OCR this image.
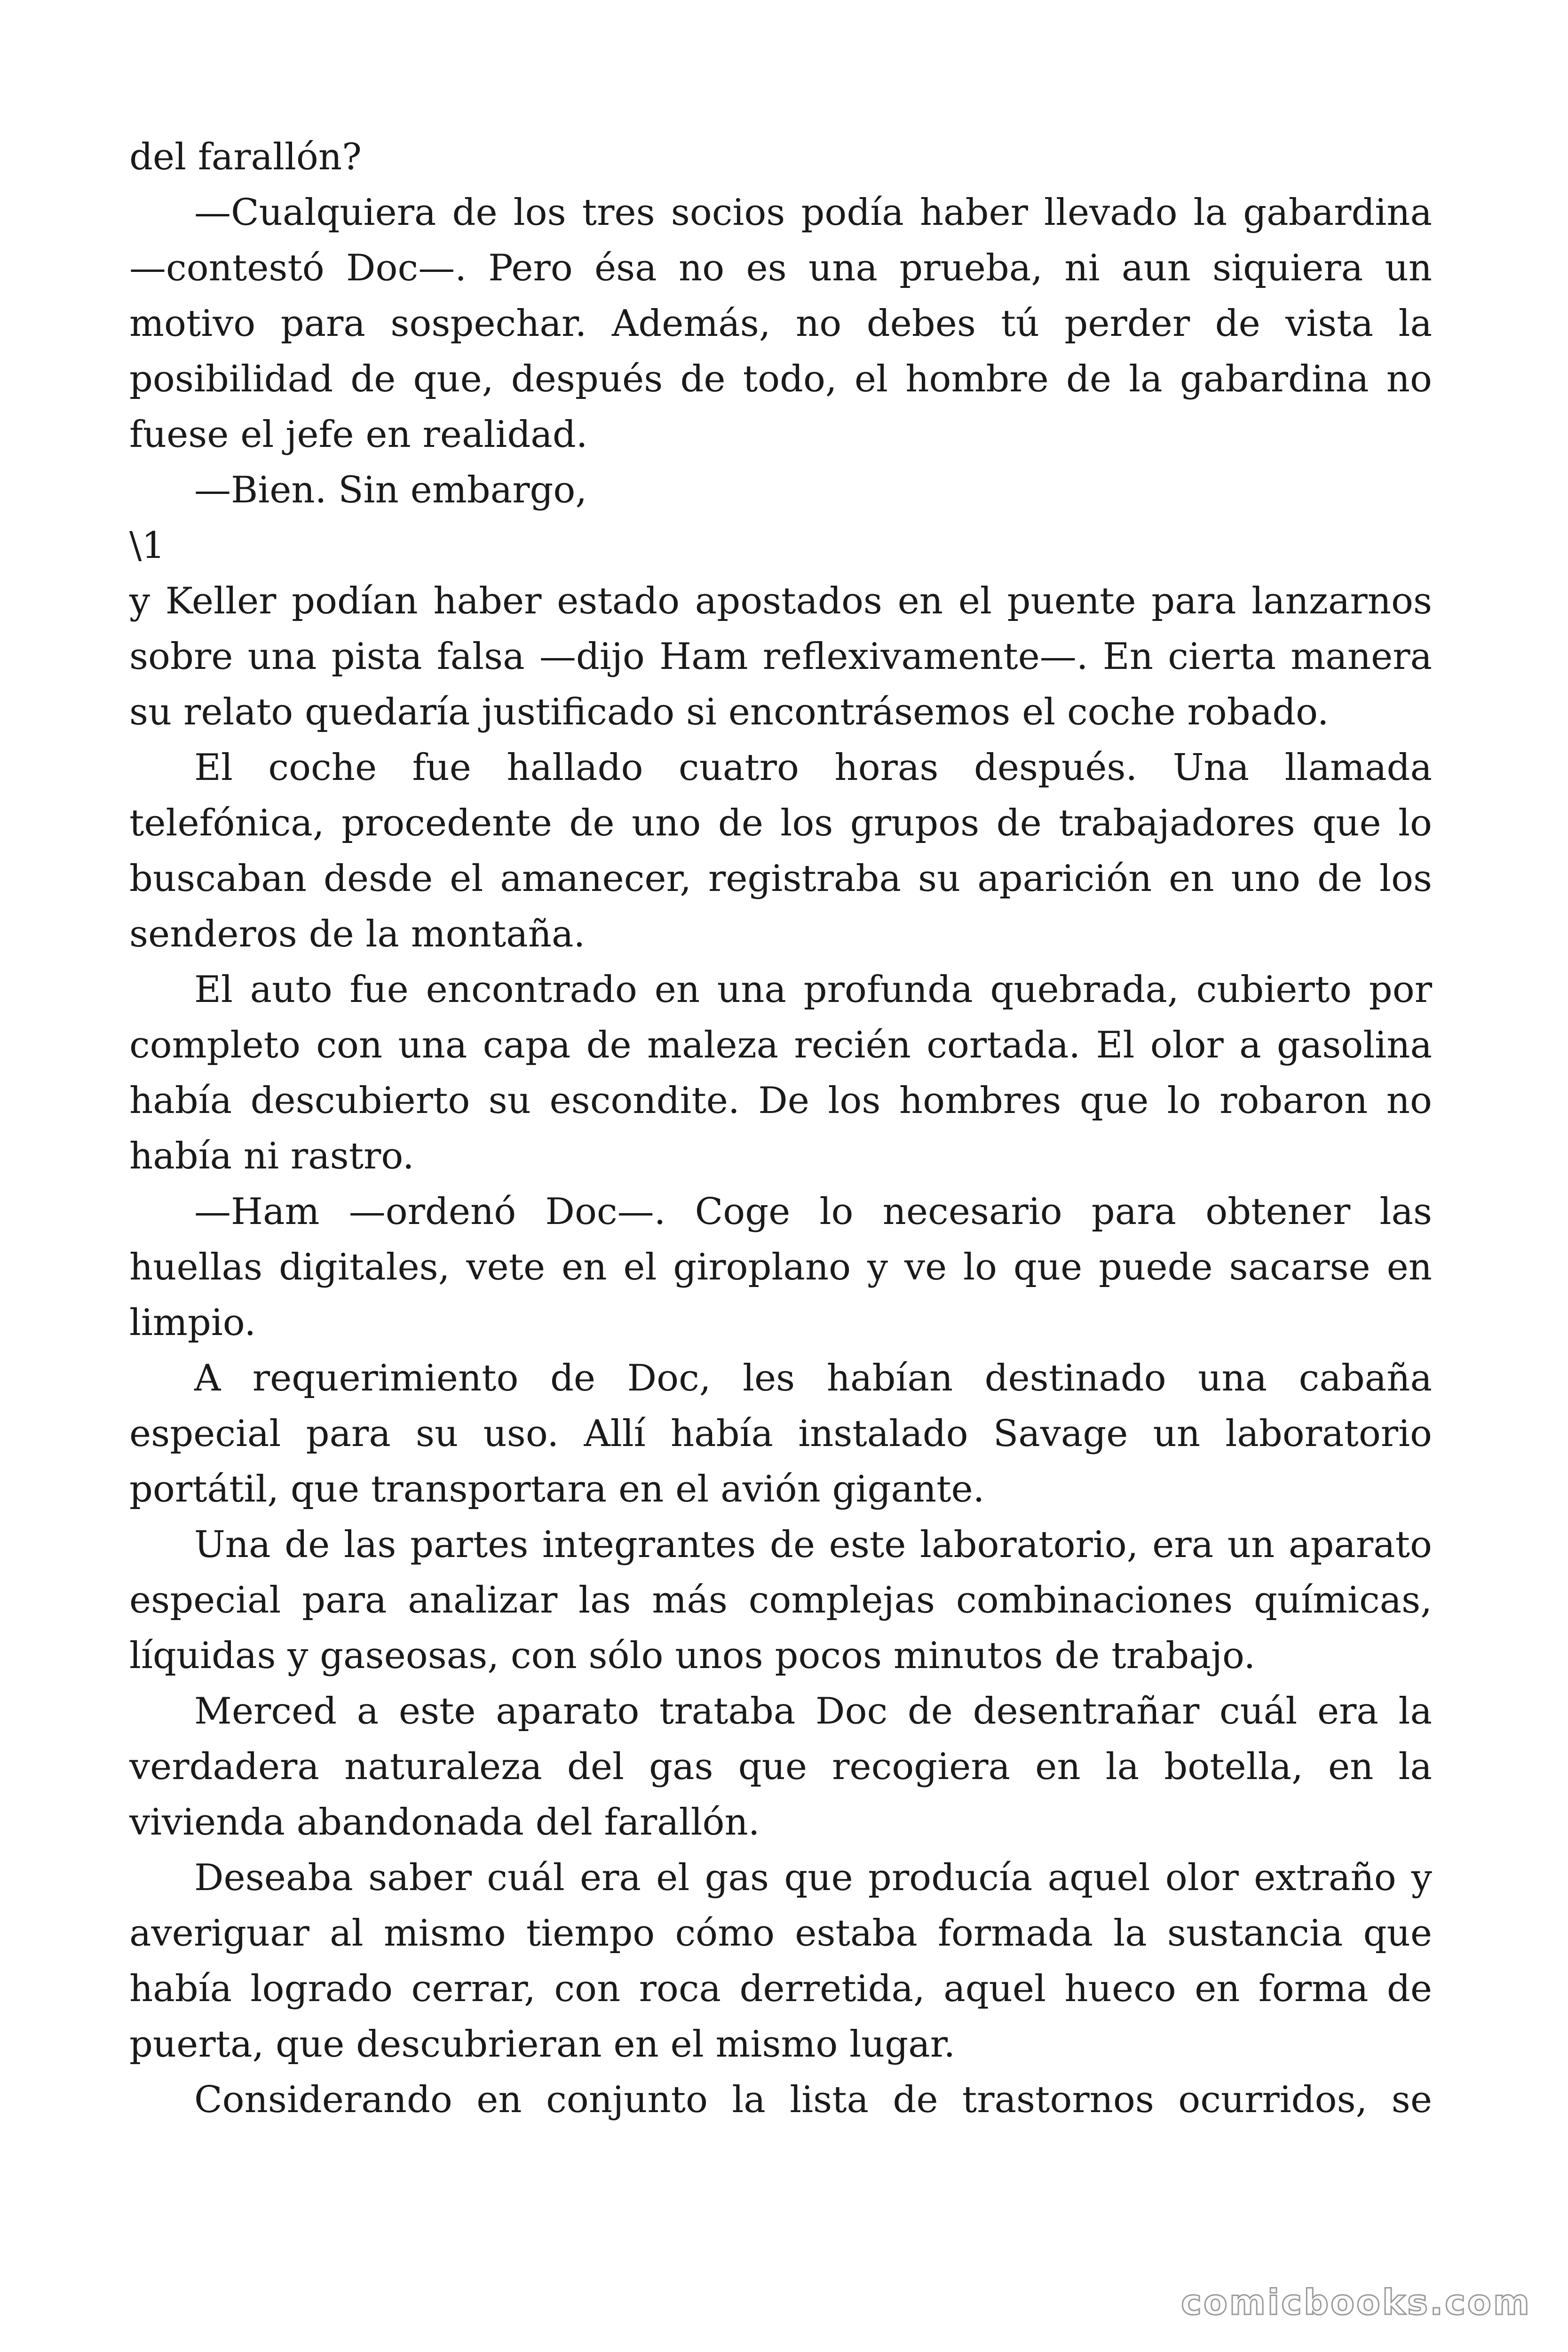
del farallón?

—Cualquiera de los tres socios podía haber llevado la gabardina —contestó Doc—. Pero ésa no es una prueba, ni aun siquiera un motivo para sospechar. Además, no debes tú perder de vista la posibilidad de que, después de todo, el hombre de la gabardina no fuese el jefe en realidad.

—Bien. Sin embargo,

\1

y Keller podían haber estado apostados en el puente para lanzarnos sobre una pista falsa —dijo Ham reflexivamente—. En cierta manera su relato quedaría justificado si encontrásemos el coche robado.

El coche fue hallado cuatro horas después. Una llamada telefónica, procedente de uno de los grupos de trabajadores que lo buscaban desde el amanecer, registraba su aparición en uno de los senderos de la montaña.

El auto fue encontrado en una profunda quebrada, cubierto por completo con una capa de maleza recién cortada. El olor a gasolina había descubierto su escondite. De los hombres que lo robaron no había ni rastro.

—Ham —ordenó Doc—. Coge lo necesario para obtener las huellas digitales, vete en el giroplano y ve lo que puede sacarse en limpio.

A requerimiento de Doc, les habían destinado una cabaña especial para su uso. Allí había instalado Savage un laboratorio portátil, que transportara en el avión gigante.

Una de las partes integrantes de este laboratorio, era un aparato especial para analizar las más complejas combinaciones químicas, líquidas y gaseosas, con sólo unos pocos minutos de trabajo.

Merced a este aparato trataba Doc de desentrañar cuál era la verdadera naturaleza del gas que recogiera en la botella, en la vivienda abandonada del farallón.

Deseaba saber cuál era el gas que producía aquel olor extraño y averiguar al mismo tiempo cómo estaba formada la sustancia que había logrado cerrar, con roca derretida, aquel hueco en forma de puerta, que descubrieran en el mismo lugar.

Considerando en conjunto la lista de trastornos ocurridos, se

comicbooks.com
